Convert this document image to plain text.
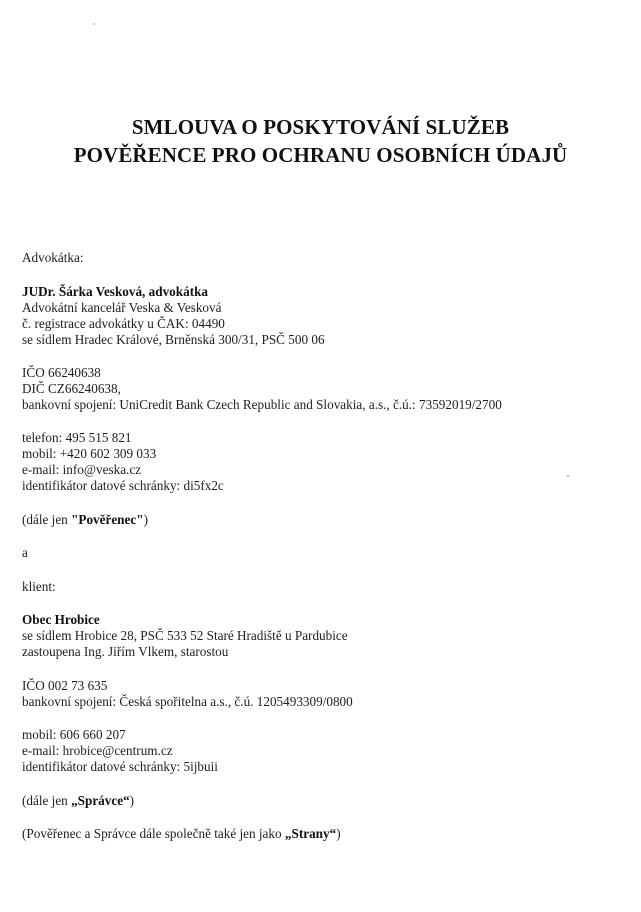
SMLOUVA O POSKYTOVÁNÍ SLUŽEB
POVĚŘENCE PRO OCHRANU OSOBNÍCH ÚDAJŮ
Advokátka:
JUDr. Šárka Vesková, advokátka
Advokátní kancelář Veska & Vesková
č. registrace advokátky u ČAK: 04490
se sídlem Hradec Králové, Brněnská 300/31, PSČ 500 06
IČO 66240638
DIČ CZ66240638,
bankovní spojení: UniCredit Bank Czech Republic and Slovakia, a.s., č.ú.: 73592019/2700
telefon: 495 515 821
mobil: +420 602 309 033
e-mail: info@veska.cz
identifikátor datové schránky: di5fx2c
(dále jen "Pověřenec")
a
klient:
Obec Hrobice
se sídlem Hrobice 28, PSČ 533 52 Staré Hradiště u Pardubice
zastoupena Ing. Jiřím Vlkem, starostou
IČO 002 73 635
bankovní spojení: Česká spořitelna a.s., č.ú. 1205493309/0800
mobil: 606 660 207
e-mail: hrobice@centrum.cz
identifikátor datové schránky: 5ijbuii
(dále jen „Správce“)
(Pověřenec a Správce dále společně také jen jako „Strany“)
